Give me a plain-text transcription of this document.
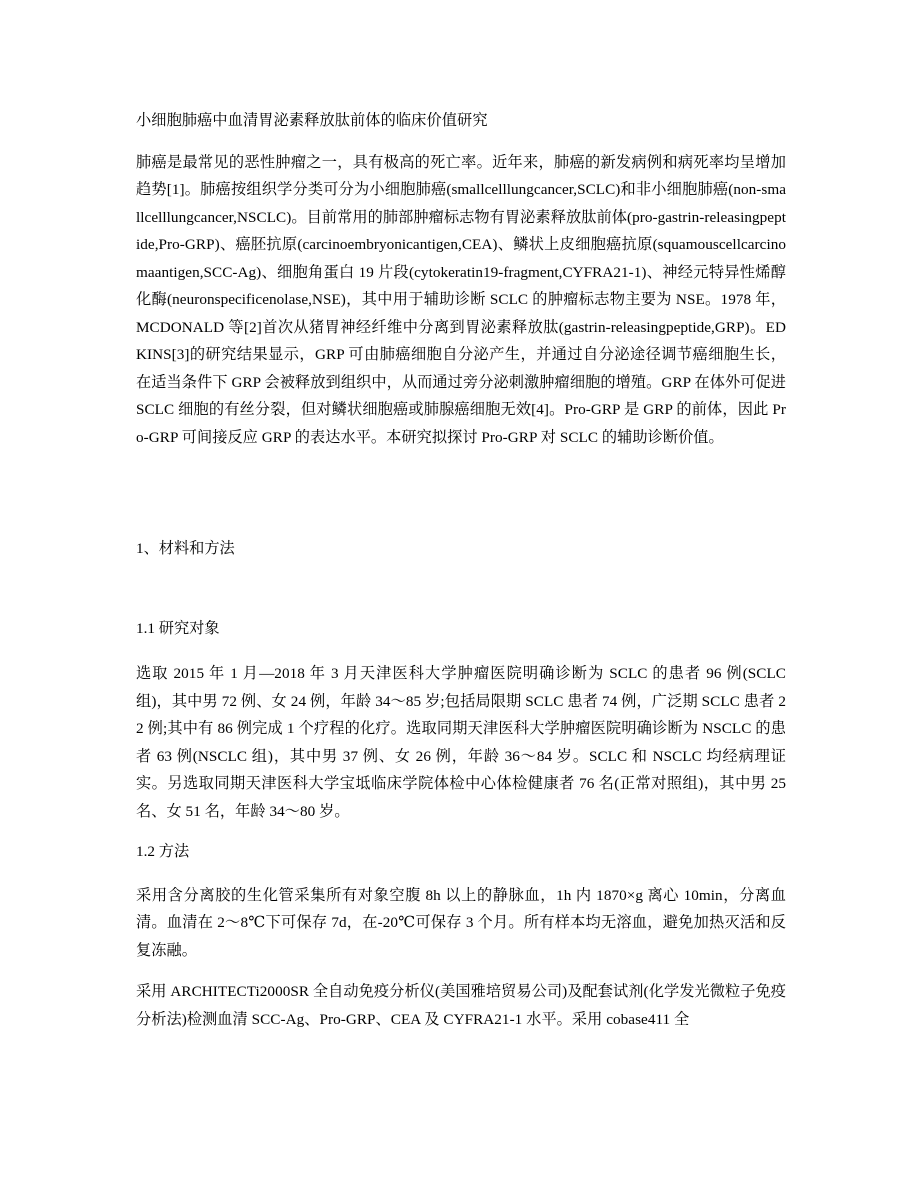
小细胞肺癌中血清胃泌素释放肽前体的临床价值研究

肺癌是最常见的恶性肿瘤之一，具有极高的死亡率。近年来，肺癌的新发病例和病死率均呈增加趋势[1]。肺癌按组织学分类可分为小细胞肺癌(smallcelllungcancer,SCLC)和非小细胞肺癌(non-smallcelllungcancer,NSCLC)。目前常用的肺部肿瘤标志物有胃泌素释放肽前体(pro-gastrin-releasingpeptide,Pro-GRP)、癌胚抗原(carcinoembryonicantigen,CEA)、鳞状上皮细胞癌抗原(squamouscellcarcinomaantigen,SCC-Ag)、细胞角蛋白 19 片段(cytokeratin19-fragment,CYFRA21-1)、神经元特异性烯醇化酶(neuronspecificenolase,NSE)，其中用于辅助诊断 SCLC 的肿瘤标志物主要为 NSE。1978 年，MCDONALD 等[2]首次从猪胃神经纤维中分离到胃泌素释放肽(gastrin-releasingpeptide,GRP)。EDKINS[3]的研究结果显示，GRP 可由肺癌细胞自分泌产生，并通过自分泌途径调节癌细胞生长，在适当条件下 GRP 会被释放到组织中，从而通过旁分泌刺激肿瘤细胞的增殖。GRP 在体外可促进 SCLC 细胞的有丝分裂，但对鳞状细胞癌或肺腺癌细胞无效[4]。Pro-GRP 是 GRP 的前体，因此 Pro-GRP 可间接反应 GRP 的表达水平。本研究拟探讨 Pro-GRP 对 SCLC 的辅助诊断价值。

1、材料和方法
1.1 研究对象

选取 2015 年 1 月—2018 年 3 月天津医科大学肿瘤医院明确诊断为 SCLC 的患者 96 例(SCLC 组)，其中男 72 例、女 24 例，年龄 34～85 岁;包括局限期 SCLC 患者 74 例，广泛期 SCLC 患者 22 例;其中有 86 例完成 1 个疗程的化疗。选取同期天津医科大学肿瘤医院明确诊断为 NSCLC 的患者 63 例(NSCLC 组)，其中男 37 例、女 26 例，年龄 36～84 岁。SCLC 和 NSCLC 均经病理证实。另选取同期天津医科大学宝坻临床学院体检中心体检健康者 76 名(正常对照组)，其中男 25 名、女 51 名，年龄 34～80 岁。

1.2 方法

采用含分离胶的生化管采集所有对象空腹 8h 以上的静脉血，1h 内 1870×g 离心 10min，分离血清。血清在 2～8℃下可保存 7d，在-20℃可保存 3 个月。所有样本均无溶血，避免加热灭活和反复冻融。

采用 ARCHITECTi2000SR 全自动免疫分析仪(美国雅培贸易公司)及配套试剂(化学发光微粒子免疫分析法)检测血清 SCC-Ag、Pro-GRP、CEA 及 CYFRA21-1 水平。采用 cobase411 全
